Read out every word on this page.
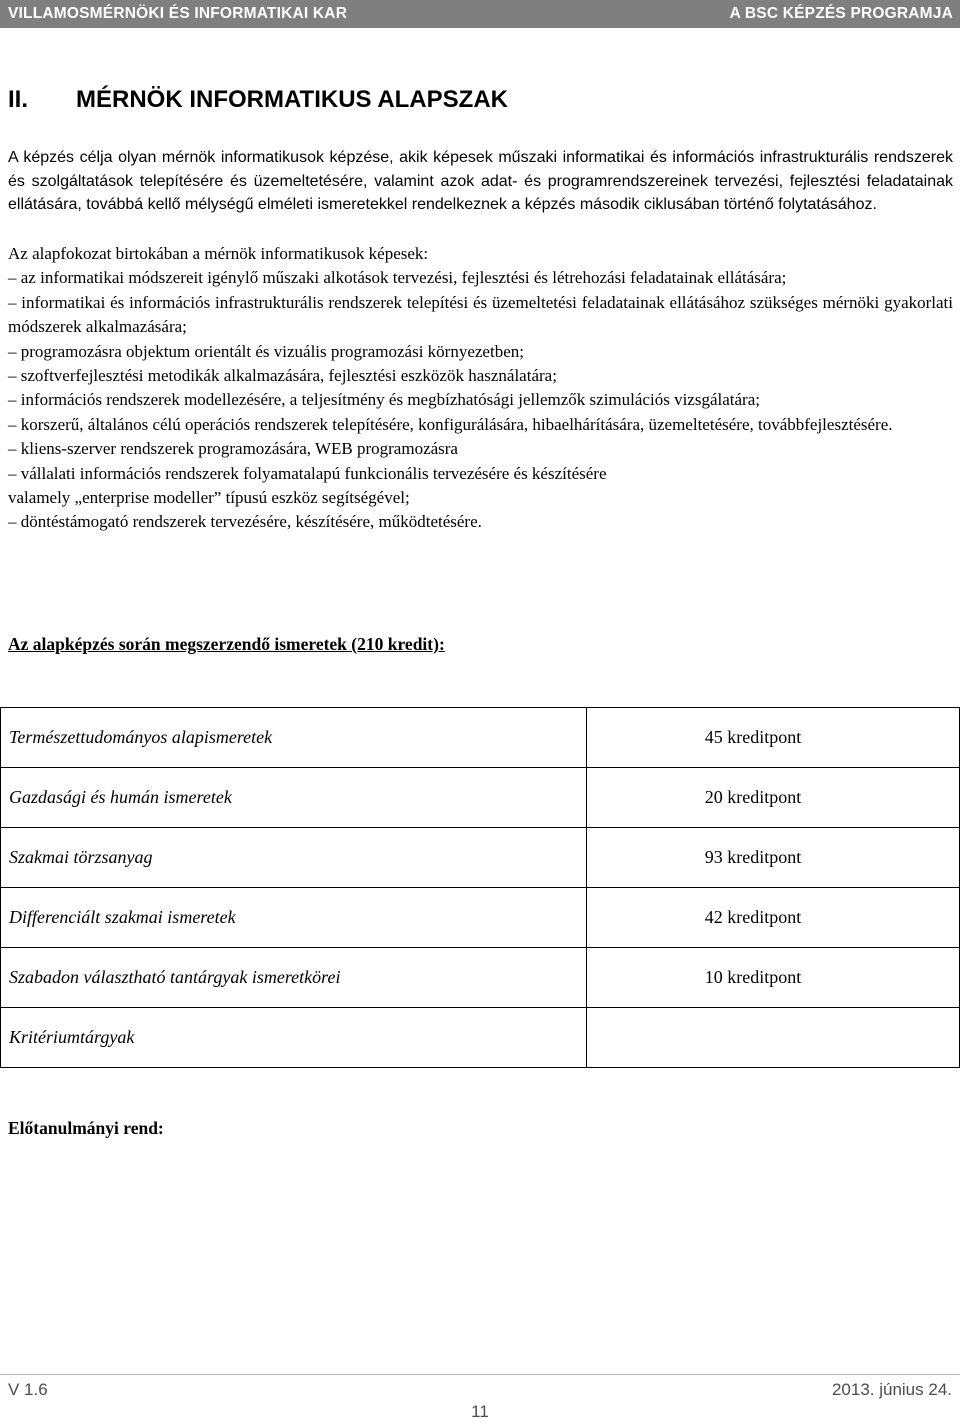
VILLAMOSMÉRNÖKI ÉS INFORMATIKAI KAR	A BSC KÉPZÉS PROGRAMJA
II. MÉRNÖK INFORMATIKUS ALAPSZAK

A képzés célja olyan mérnök informatikusok képzése, akik képesek műszaki informatikai és információs infrastrukturális rendszerek és szolgáltatások telepítésére és üzemeltetésére, valamint azok adat- és programrendszereinek tervezési, fejlesztési feladatainak ellátására, továbbá kellő mélységű elméleti ismeretekkel rendelkeznek a képzés második ciklusában történő folytatásához.

Az alapfokozat birtokában a mérnök informatikusok képesek:

– az informatikai módszereit igénylő műszaki alkotások tervezési, fejlesztési és létrehozási feladatainak ellátására;

– informatikai és információs infrastrukturális rendszerek telepítési és üzemeltetési feladatainak ellátásához szükséges mérnöki gyakorlati módszerek alkalmazására;

– programozásra objektum orientált és vizuális programozási környezetben;

– szoftverfejlesztési metodikák alkalmazására, fejlesztési eszközök használatára;

– információs rendszerek modellezésére, a teljesítmény és megbízhatósági jellemzők szimulációs vizsgálatára;

– korszerű, általános célú operációs rendszerek telepítésére, konfigurálására, hibaelhárítására, üzemeltetésére, továbbfejlesztésére.

– kliens-szerver rendszerek programozására, WEB programozásra

– vállalati információs rendszerek folyamatalapú funkcionális tervezésére és készítésére

valamely „enterprise modeller” típusú eszköz segítségével;

– döntéstámogató rendszerek tervezésére, készítésére, működtetésére.

Az alapképzés során megszerzendő ismeretek (210 kredit):
Természettudományos alapismeretek	45 kreditpont
Gazdasági és humán ismeretek	20 kreditpont
Szakmai törzsanyag	93 kreditpont
Differenciált szakmai ismeretek	42 kreditpont
Szabadon választható tantárgyak ismeretkörei	10 kreditpont
Kritériumtárgyak	
Előtanulmányi rend:
V 1.6	2013. június 24.
11
